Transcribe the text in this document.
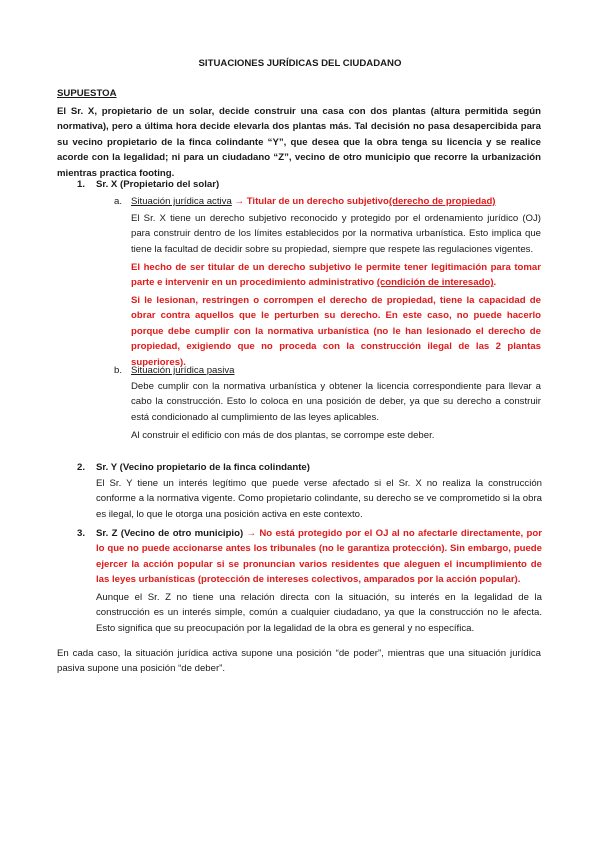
SITUACIONES JURÍDICAS DEL CIUDADANO
SUPUESTOA
El Sr. X, propietario de un solar, decide construir una casa con dos plantas (altura permitida según normativa), pero a última hora decide elevarla dos plantas más. Tal decisión no pasa desapercibida para su vecino propietario de la finca colindante “Y”, que desea que la obra tenga su licencia y se realice acorde con la legalidad; ni para un ciudadano “Z”, vecino de otro municipio que recorre la urbanización mientras practica footing.
1. Sr. X (Propietario del solar)
a. Situación jurídica activa → Titular de un derecho subjetivo(derecho de propiedad)
El Sr. X tiene un derecho subjetivo reconocido y protegido por el ordenamiento jurídico (OJ) para construir dentro de los límites establecidos por la normativa urbanística. Esto implica que tiene la facultad de decidir sobre su propiedad, siempre que respete las regulaciones vigentes.
El hecho de ser titular de un derecho subjetivo le permite tener legitimación para tomar parte e intervenir en un procedimiento administrativo (condición de interesado).
Si le lesionan, restringen o corrompen el derecho de propiedad, tiene la capacidad de obrar contra aquellos que le perturben su derecho. En este caso, no puede hacerlo porque debe cumplir con la normativa urbanística (no le han lesionado el derecho de propiedad, exigiendo que no proceda con la construcción ilegal de las 2 plantas superiores).
b. Situación jurídica pasiva
Debe cumplir con la normativa urbanística y obtener la licencia correspondiente para llevar a cabo la construcción. Esto lo coloca en una posición de deber, ya que su derecho a construir está condicionado al cumplimiento de las leyes aplicables.
Al construir el edificio con más de dos plantas, se corrompe este deber.
2. Sr. Y (Vecino propietario de la finca colindante)
El Sr. Y tiene un interés legítimo que puede verse afectado si el Sr. X no realiza la construcción conforme a la normativa vigente. Como propietario colindante, su derecho se ve comprometido si la obra es ilegal, lo que le otorga una posición activa en este contexto.
3. Sr. Z (Vecino de otro municipio) → No está protegido por el OJ al no afectarle directamente, por lo que no puede accionarse antes los tribunales (no le garantiza protección). Sin embargo, puede ejercer la acción popular si se pronuncian varios residentes que aleguen el incumplimiento de las leyes urbanísticas (protección de intereses colectivos, amparados por la acción popular).
Aunque el Sr. Z no tiene una relación directa con la situación, su interés en la legalidad de la construcción es un interés simple, común a cualquier ciudadano, ya que la construcción no le afecta. Esto significa que su preocupación por la legalidad de la obra es general y no específica.
En cada caso, la situación jurídica activa supone una posición “de poder”, mientras que una situación jurídica pasiva supone una posición “de deber”.
